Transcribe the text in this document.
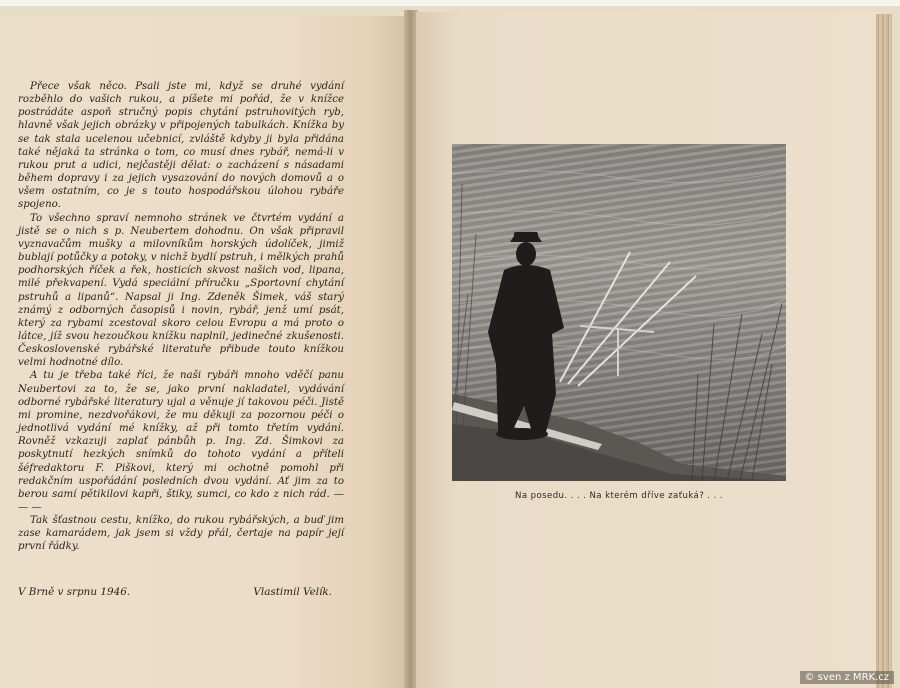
Přece však něco. Psali jste mi, když se druhé vydání rozběhlo do vašich rukou, a píšete mi pořád, že v knížce postrádáte aspoň stručný popis chytání pstruhovitých ryb, hlavně však jejich obrázky v připojených tabulkách. Knížka by se tak stala ucelenou učebnicí, zvláště kdyby ji byla přidána také nějaká ta stránka o tom, co musí dnes rybář, nemá-li v rukou prut a udici, nejčastěji dělat: o zacházení s násadami během dopravy i za jejich vysazování do nových domovů a o všem ostatním, co je s touto hospodářskou úlohou rybáře spojeno.

To všechno spraví nemnoho stránek ve čtvrtém vydání a jistě se o nich s p. Neubertem dohodnu. On však připravil vyznavačům mušky a milovníkům horských údolíček, jimiž bublají potůčky a potoky, v nichž bydlí pstruh, i mělkých prahů podhorských říček a řek, hosticích skvost našich vod, lipana, milé překvapení. Vydá speciální příručku „Sportovní chytání pstruhů a lipanů“. Napsal ji Ing. Zdeněk Šimek, váš starý známý z odborných časopisů i novin, rybář, jenž umí psát, který za rybami zcestoval skoro celou Evropu a má proto o látce, jíž svou hezoučkou knížku naplnil, jedinečné zkušenosti. Československé rybářské literatuře přibude touto knížkou velmi hodnotné dílo.

A tu je třeba také říci, že naši rybáři mnoho vděčí panu Neubertovi za to, že se, jako první nakladatel, vydávání odborné rybářské literatury ujal a věnuje jí takovou péči. Jistě mi promine, nezdvořákovi, že mu děkuji za pozornou péči o jednotlivá vydání mé knížky, až při tomto třetím vydání. Rovněž vzkazuji zaplať pánbůh p. Ing. Zd. Šimkovi za poskytnutí hezkých snímků do tohoto vydání a příteli šéfredaktoru F. Piškovi, který mi ochotně pomohl při redakčním uspořádání posledních dvou vydání. Ať jim za to berou samí pětikilovi kapři, štiky, sumci, co kdo z nich rád. — — —

Tak šťastnou cestu, knížko, do rukou rybářských, a buď jim zase kamarádem, jak jsem si vždy přál, čertaje na papír její první řádky.

V Brně v srpnu 1946.	Vlastimil Velík.
Na posedu. . . . Na kterém dříve zaťuká? . . .
© sven z MRK.cz
